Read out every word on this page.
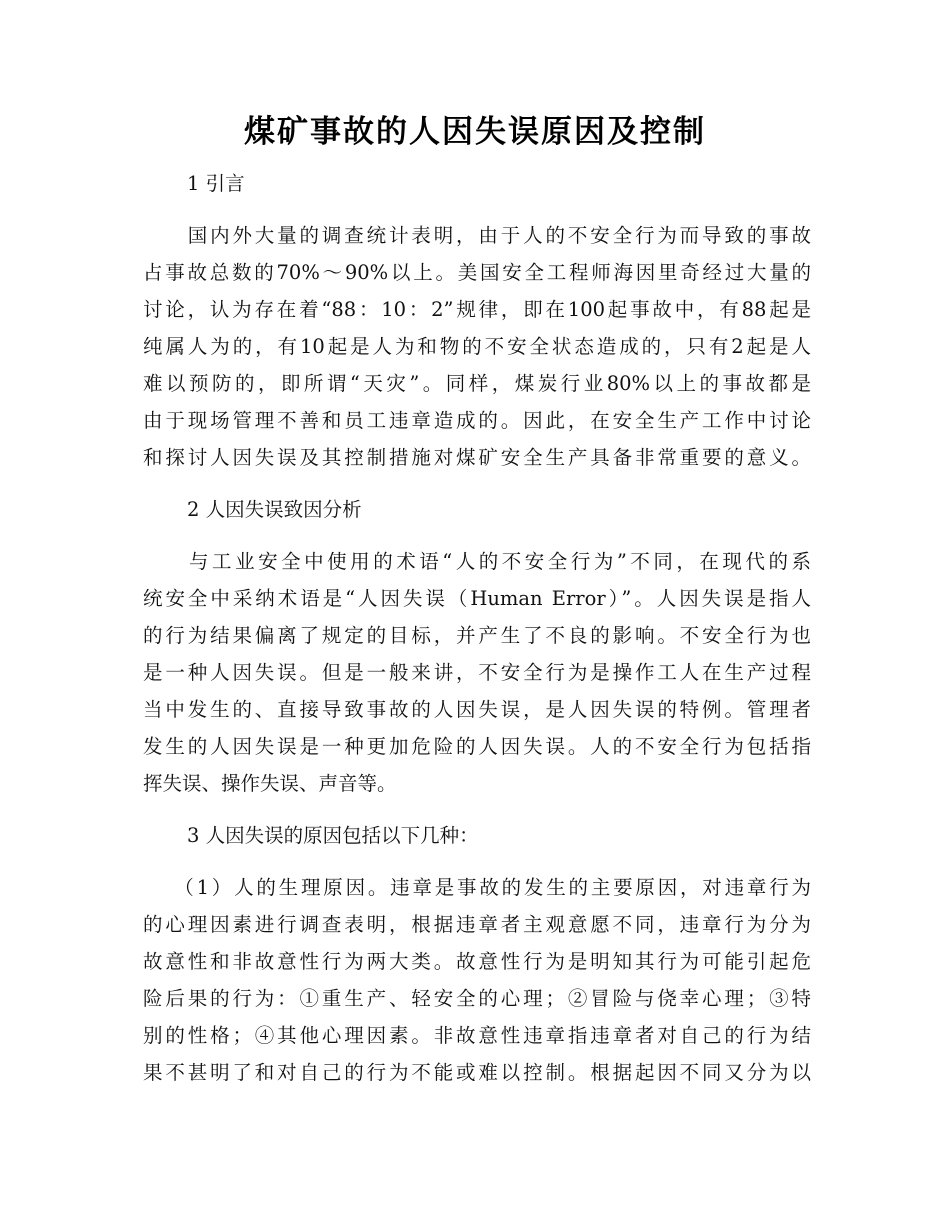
煤矿事故的人因失误原因及控制

1 引言

　　国内外大量的调查统计表明，由于人的不安全行为而导致的事故
占事故总数的70%～90%以上。美国安全工程师海因里奇经过大量的
讨论，认为存在着“88：10：2”规律，即在100起事故中，有88起是
纯属人为的，有10起是人为和物的不安全状态造成的，只有2起是人
难以预防的，即所谓“天灾”。同样，煤炭行业80%以上的事故都是
由于现场管理不善和员工违章造成的。因此，在安全生产工作中讨论
和探讨人因失误及其控制措施对煤矿安全生产具备非常重要的意义。

2 人因失误致因分析

　　与工业安全中使用的术语“人的不安全行为”不同，在现代的系
统安全中采纳术语是“人因失误（Human Error）”。人因失误是指人
的行为结果偏离了规定的目标，并产生了不良的影响。不安全行为也
是一种人因失误。但是一般来讲，不安全行为是操作工人在生产过程
当中发生的、直接导致事故的人因失误，是人因失误的特例。管理者
发生的人因失误是一种更加危险的人因失误。人的不安全行为包括指
挥失误、操作失误、声音等。

3 人因失误的原因包括以下几种：

　 （1）人的生理原因。违章是事故的发生的主要原因，对违章行为
的心理因素进行调查表明，根据违章者主观意愿不同，违章行为分为
故意性和非故意性行为两大类。故意性行为是明知其行为可能引起危
险后果的行为：①重生产、轻安全的心理；②冒险与侥幸心理；③特
别的性格；④其他心理因素。非故意性违章指违章者对自己的行为结
果不甚明了和对自己的行为不能或难以控制。根据起因不同又分为以
